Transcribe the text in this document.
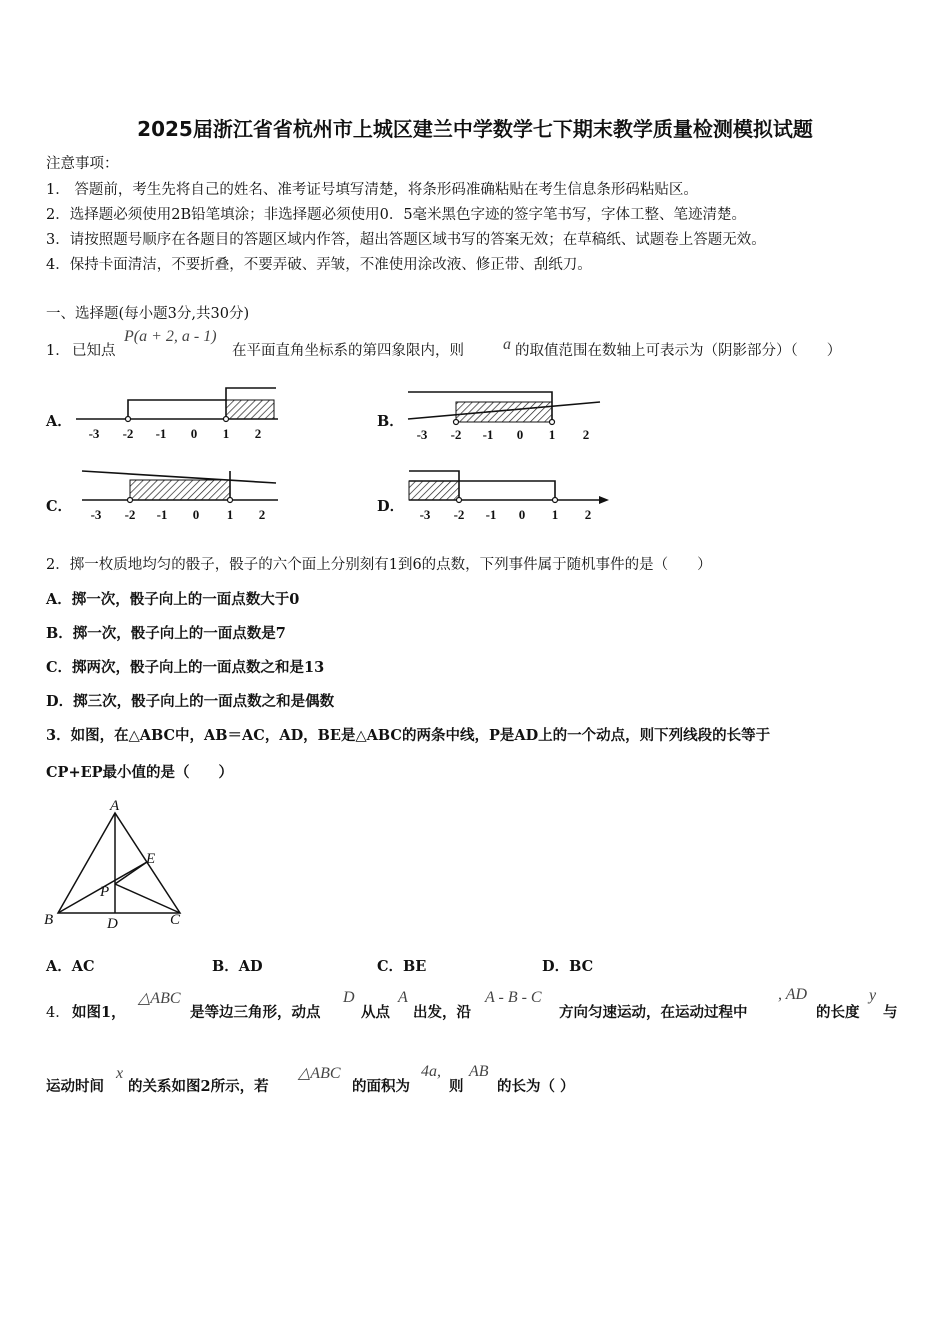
2025届浙江省省杭州市上城区建兰中学数学七下期末教学质量检测模拟试题
注意事项：
1． 答题前，考生先将自己的姓名、准考证号填写清楚，将条形码准确粘贴在考生信息条形码粘贴区。
2．选择题必须使用2B铅笔填涂；非选择题必须使用0．5毫米黑色字迹的签字笔书写，字体工整、笔迹清楚。
3．请按照题号顺序在各题目的答题区域内作答，超出答题区域书写的答案无效；在草稿纸、试题卷上答题无效。
4．保持卡面清洁，不要折叠，不要弄破、弄皱，不准使用涂改液、修正带、刮纸刀。
一、选择题(每小题3分,共30分)
1． 已知点
P(a + 2, a - 1)
在平面直角坐标系的第四象限内，则 a 的取值范围在数轴上可表示为（阴影部分）（　　）
A．	B．
C．	D．
-3 -2 -1 0 1 2	-3 -2 -1 0 1 2
-3 -2 -1 0 1 2	-3 -2 -1 0 1 2
2．掷一枚质地均匀的骰子，骰子的六个面上分别刻有1到6的点数，下列事件属于随机事件的是（　　）
A．掷一次，骰子向上的一面点数大于0
B．掷一次，骰子向上的一面点数是7
C．掷两次，骰子向上的一面点数之和是13
D．掷三次，骰子向上的一面点数之和是偶数
3．如图，在△ABC中，AB＝AC，AD，BE是△ABC的两条中线，P是AD上的一个动点，则下列线段的长等于
CP+EP最小值的是（　　）
A
B	C
D
E
P
A．AC	B．AD	C．BE	D．BC
4． 如图1，
△ABC
是等边三角形，动点
D
从点
A
出发，沿
A - B - C
方向匀速运动，在运动过程中
, AD
的长度
y
与
运动时间
x
的关系如图2所示，若
△ABC
的面积为
4a,
则
AB
的长为（ ）
